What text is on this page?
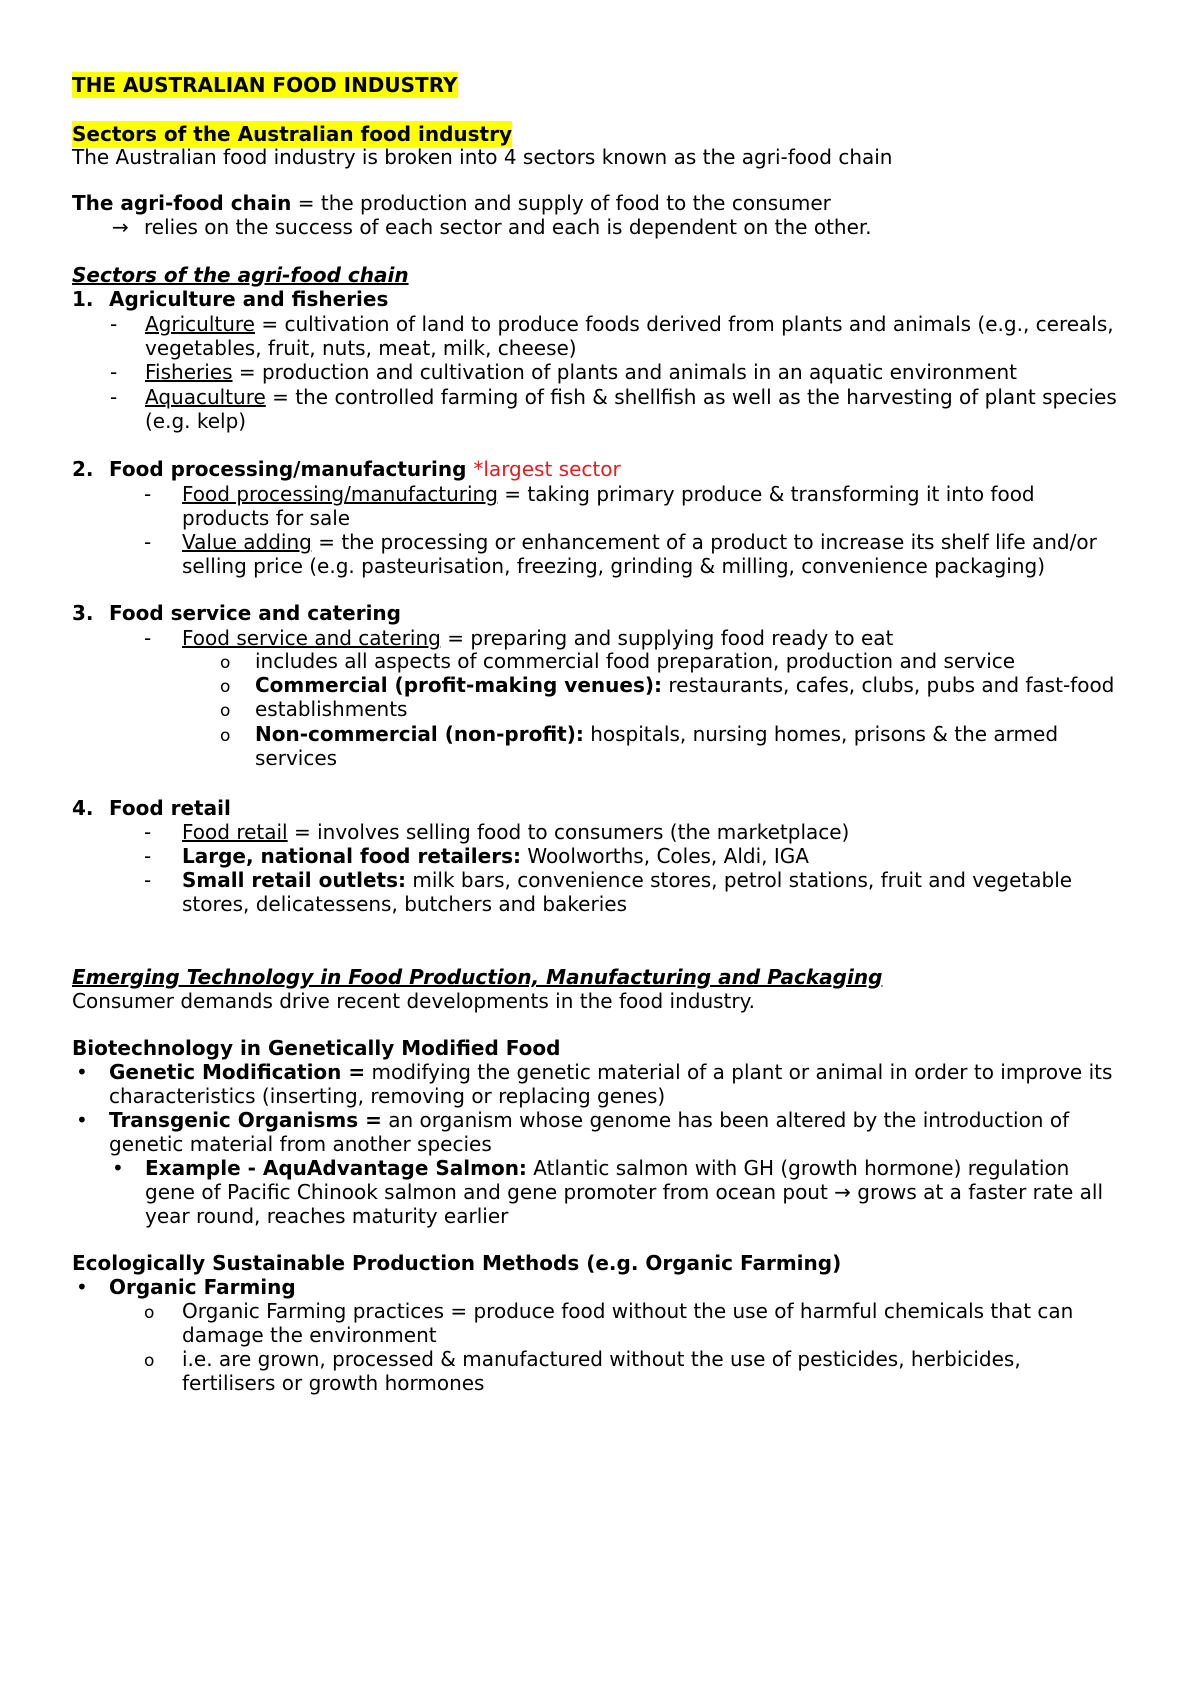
THE AUSTRALIAN FOOD INDUSTRY
Sectors of the Australian food industry
The Australian food industry is broken into 4 sectors known as the agri-food chain
The agri-food chain = the production and supply of food to the consumer
→ relies on the success of each sector and each is dependent on the other.
Sectors of the agri-food chain
1. Agriculture and fisheries
- Agriculture = cultivation of land to produce foods derived from plants and animals (e.g., cereals,
vegetables, fruit, nuts, meat, milk, cheese)
- Fisheries = production and cultivation of plants and animals in an aquatic environment
- Aquaculture = the controlled farming of fish & shellfish as well as the harvesting of plant species
(e.g. kelp)
2. Food processing/manufacturing *largest sector
- Food processing/manufacturing = taking primary produce & transforming it into food
products for sale
- Value adding = the processing or enhancement of a product to increase its shelf life and/or
selling price (e.g. pasteurisation, freezing, grinding & milling, convenience packaging)
3. Food service and catering
- Food service and catering = preparing and supplying food ready to eat
o includes all aspects of commercial food preparation, production and service
o Commercial (profit-making venues): restaurants, cafes, clubs, pubs and fast-food
o establishments
o Non-commercial (non-profit): hospitals, nursing homes, prisons & the armed
services
4. Food retail
- Food retail = involves selling food to consumers (the marketplace)
- Large, national food retailers: Woolworths, Coles, Aldi, IGA
- Small retail outlets: milk bars, convenience stores, petrol stations, fruit and vegetable
stores, delicatessens, butchers and bakeries
Emerging Technology in Food Production, Manufacturing and Packaging
Consumer demands drive recent developments in the food industry.
Biotechnology in Genetically Modified Food
• Genetic Modification = modifying the genetic material of a plant or animal in order to improve its
characteristics (inserting, removing or replacing genes)
• Transgenic Organisms = an organism whose genome has been altered by the introduction of
genetic material from another species
• Example - AquAdvantage Salmon: Atlantic salmon with GH (growth hormone) regulation
gene of Pacific Chinook salmon and gene promoter from ocean pout → grows at a faster rate all
year round, reaches maturity earlier
Ecologically Sustainable Production Methods (e.g. Organic Farming)
• Organic Farming
o Organic Farming practices = produce food without the use of harmful chemicals that can
damage the environment
o i.e. are grown, processed & manufactured without the use of pesticides, herbicides,
fertilisers or growth hormones
